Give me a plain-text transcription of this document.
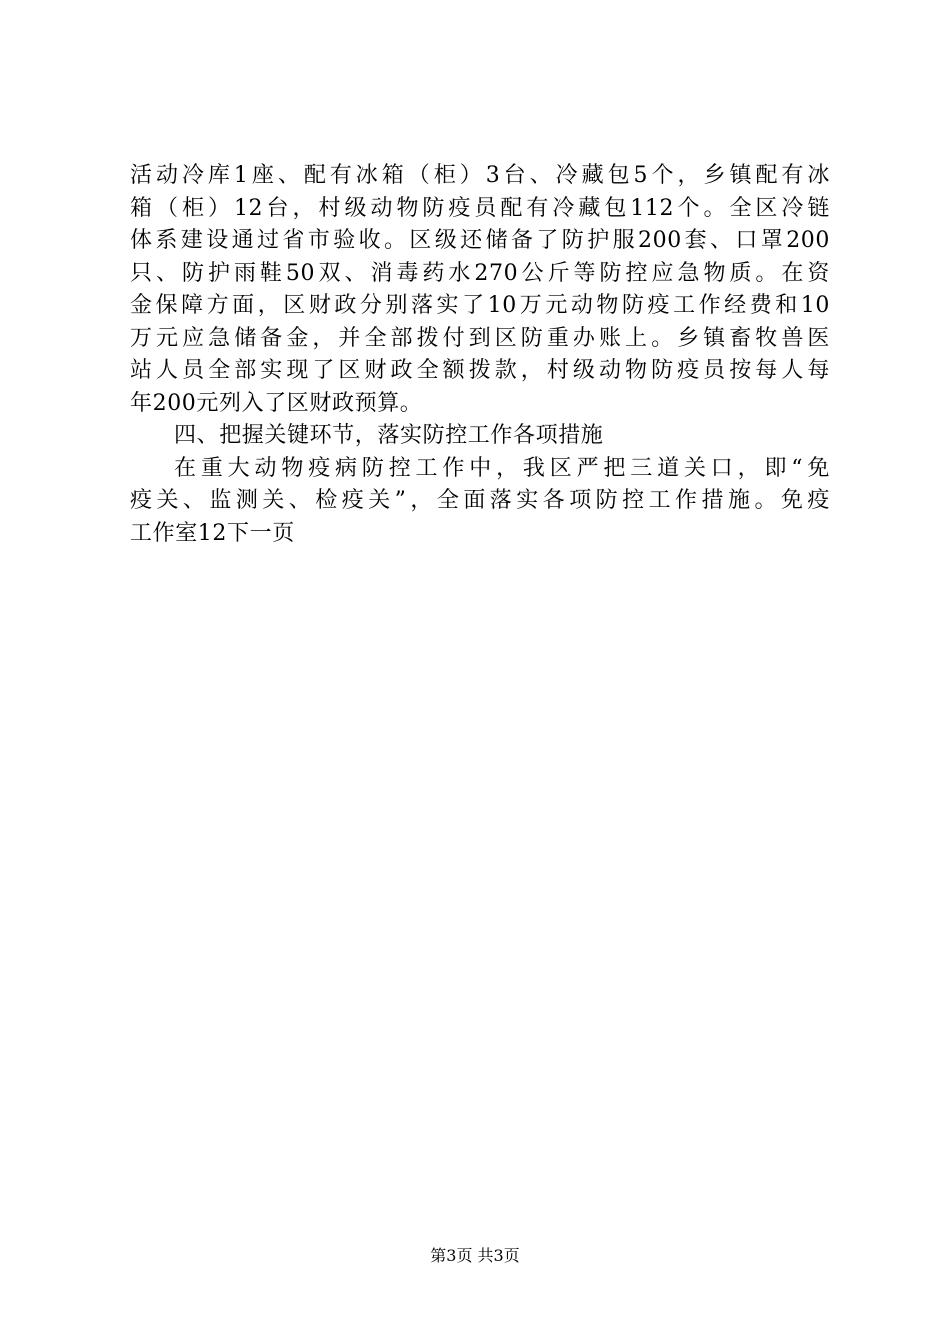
活动冷库1座、配有冰箱（柜）3台、冷藏包5个，乡镇配有冰
箱（柜）12台，村级动物防疫员配有冷藏包112个。全区冷链
体系建设通过省市验收。区级还储备了防护服200套、口罩200
只、防护雨鞋50双、消毒药水270公斤等防控应急物质。在资
金保障方面，区财政分别落实了10万元动物防疫工作经费和10
万元应急储备金，并全部拨付到区防重办账上。乡镇畜牧兽医
站人员全部实现了区财政全额拨款，村级动物防疫员按每人每
年200元列入了区财政预算。
四、把握关键环节，落实防控工作各项措施
在重大动物疫病防控工作中，我区严把三道关口，即“免
疫关、监测关、检疫关”，全面落实各项防控工作措施。免疫
工作室12下一页
第3页 共3页
